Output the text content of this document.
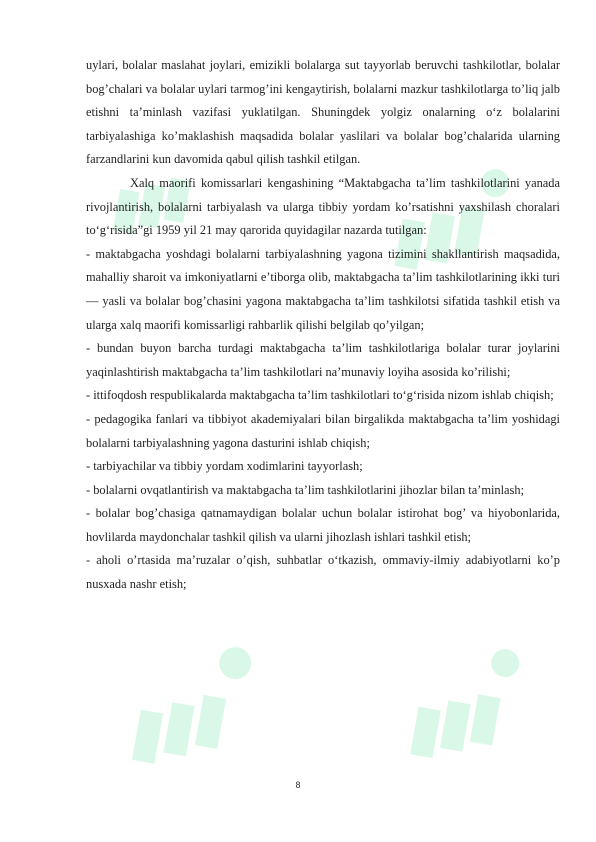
uylari, bolalar maslahat joylari, emizikli bolalarga sut tayyorlab beruvchi tashkilotlar, bolalar bog’chalari va bolalar uylari tarmog’ini kengaytirish, bolalarni mazkur tashkilotlarga to’liq jalb etishni ta’minlash vazifasi yuklatilgan. Shuningdek yolgiz onalarning o‘z bolalarini tarbiyalashiga ko’maklashish maqsadida bolalar yaslilari va bolalar bog’chalarida ularning farzandlarini kun davomida qabul qilish tashkil etilgan.

Xalq maorifi komissarlari kengashining “Maktabgacha ta’lim tashkilotlarini yanada rivojlantirish, bolalarni tarbiyalash va ularga tibbiy yordam ko’rsatishni yaxshilash choralari to‘g‘risida”gi 1959 yil 21 may qarorida quyidagilar nazarda tutilgan:

- maktabgacha yoshdagi bolalarni tarbiyalashning yagona tizimini shakllantirish maqsadida, mahalliy sharoit va imkoniyatlarni e’tiborga olib, maktabgacha ta’lim tashkilotlarining ikki turi — yasli va bolalar bog’chasini yagona maktabgacha ta’lim tashkilotsi sifatida tashkil etish va ularga xalq maorifi komissarligi rahbarlik qilishi belgilab qo’yilgan;

- bundan buyon barcha turdagi maktabgacha ta’lim tashkilotlariga bolalar turar joylarini yaqinlashtirish maktabgacha ta’lim tashkilotlari na’munaviy loyiha asosida ko’rilishi;

- ittifoqdosh respublikalarda maktabgacha ta’lim tashkilotlari to‘g‘risida nizom ishlab chiqish;

- pedagogika fanlari va tibbiyot akademiyalari bilan birgalikda maktabgacha ta’lim yoshidagi bolalarni tarbiyalashning yagona dasturini ishlab chiqish;

- tarbiyachilar va tibbiy yordam xodimlarini tayyorlash;

- bolalarni ovqatlantirish va maktabgacha ta’lim tashkilotlarini jihozlar bilan ta’minlash;

- bolalar bog’chasiga qatnamaydigan bolalar uchun bolalar istirohat bog’ va hiyobonlarida, hovlilarda maydonchalar tashkil qilish va ularni jihozlash ishlari tashkil etish;

- aholi o’rtasida ma’ruzalar o’qish, suhbatlar o‘tkazish, ommaviy-ilmiy adabiyotlarni ko’p nusxada nashr etish;

8
